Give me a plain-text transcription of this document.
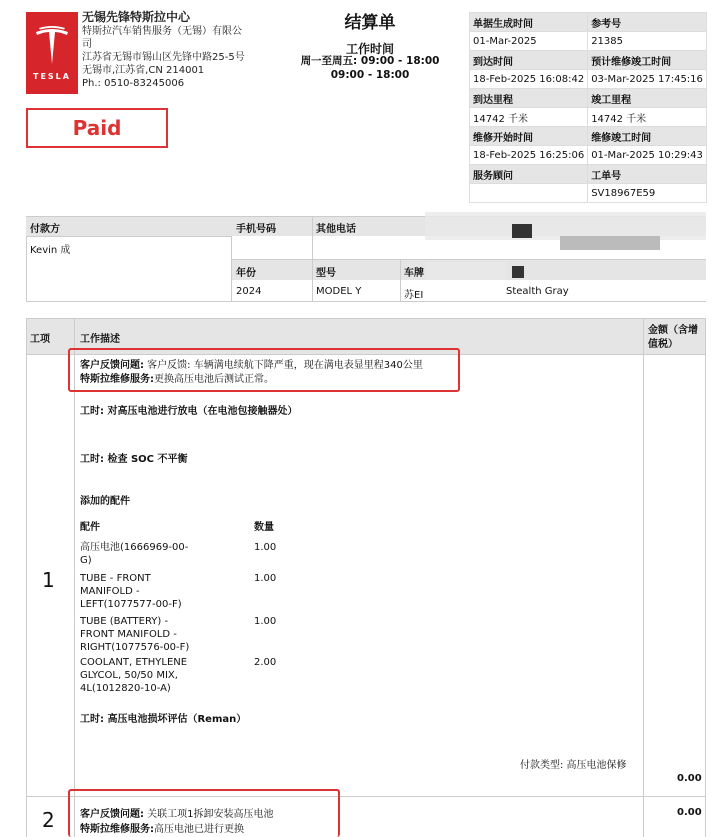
TESLA
无锡先锋特斯拉中心
特斯拉汽车销售服务（无锡）有限公
司
江苏省无锡市锡山区先锋中路25-5号
无锡市,江苏省,CN 214001
Ph.: 0510-83245006
Paid
结算单
工作时间
周一至周五: 09:00 - 18:00
09:00 - 18:00
单据生成时间	参考号
01-Mar-2025	21385
到达时间	预计维修竣工时间
18-Feb-2025 16:08:42	03-Mar-2025 17:45:16
到达里程	竣工里程
14742 千米	14742 千米
维修开始时间	维修竣工时间
18-Feb-2025 16:25:06	01-Mar-2025 10:29:43
服务顾问	工单号
	SV18967E59
付款方	手机号码	其他电话
Kevin 成
年份	型号	车牌
2024	MODEL Y	苏EI	Stealth Gray
工项	工作描述
金额（含增
值税）
1
客户反馈问题: 客户反馈: 车辆满电续航下降严重，现在满电表显里程340公里
特斯拉维修服务:更换高压电池后测试正常。
工时: 对高压电池进行放电（在电池包接触器处）
工时: 检查 SOC 不平衡
添加的配件
配件	数量
高压电池(1666969-00-
G)
1.00
TUBE - FRONT
MANIFOLD -
LEFT(1077577-00-F)
1.00
TUBE (BATTERY) -
FRONT MANIFOLD -
RIGHT(1077576-00-F)
1.00
COOLANT, ETHYLENE
GLYCOL, 50/50 MIX,
4L(1012820-10-A)
2.00
工时: 高压电池损坏评估（Reman）
付款类型: 高压电池保修
0.00
2	客户反馈问题: 关联工项1拆卸安装高压电池
特斯拉维修服务:高压电池已进行更换
0.00
